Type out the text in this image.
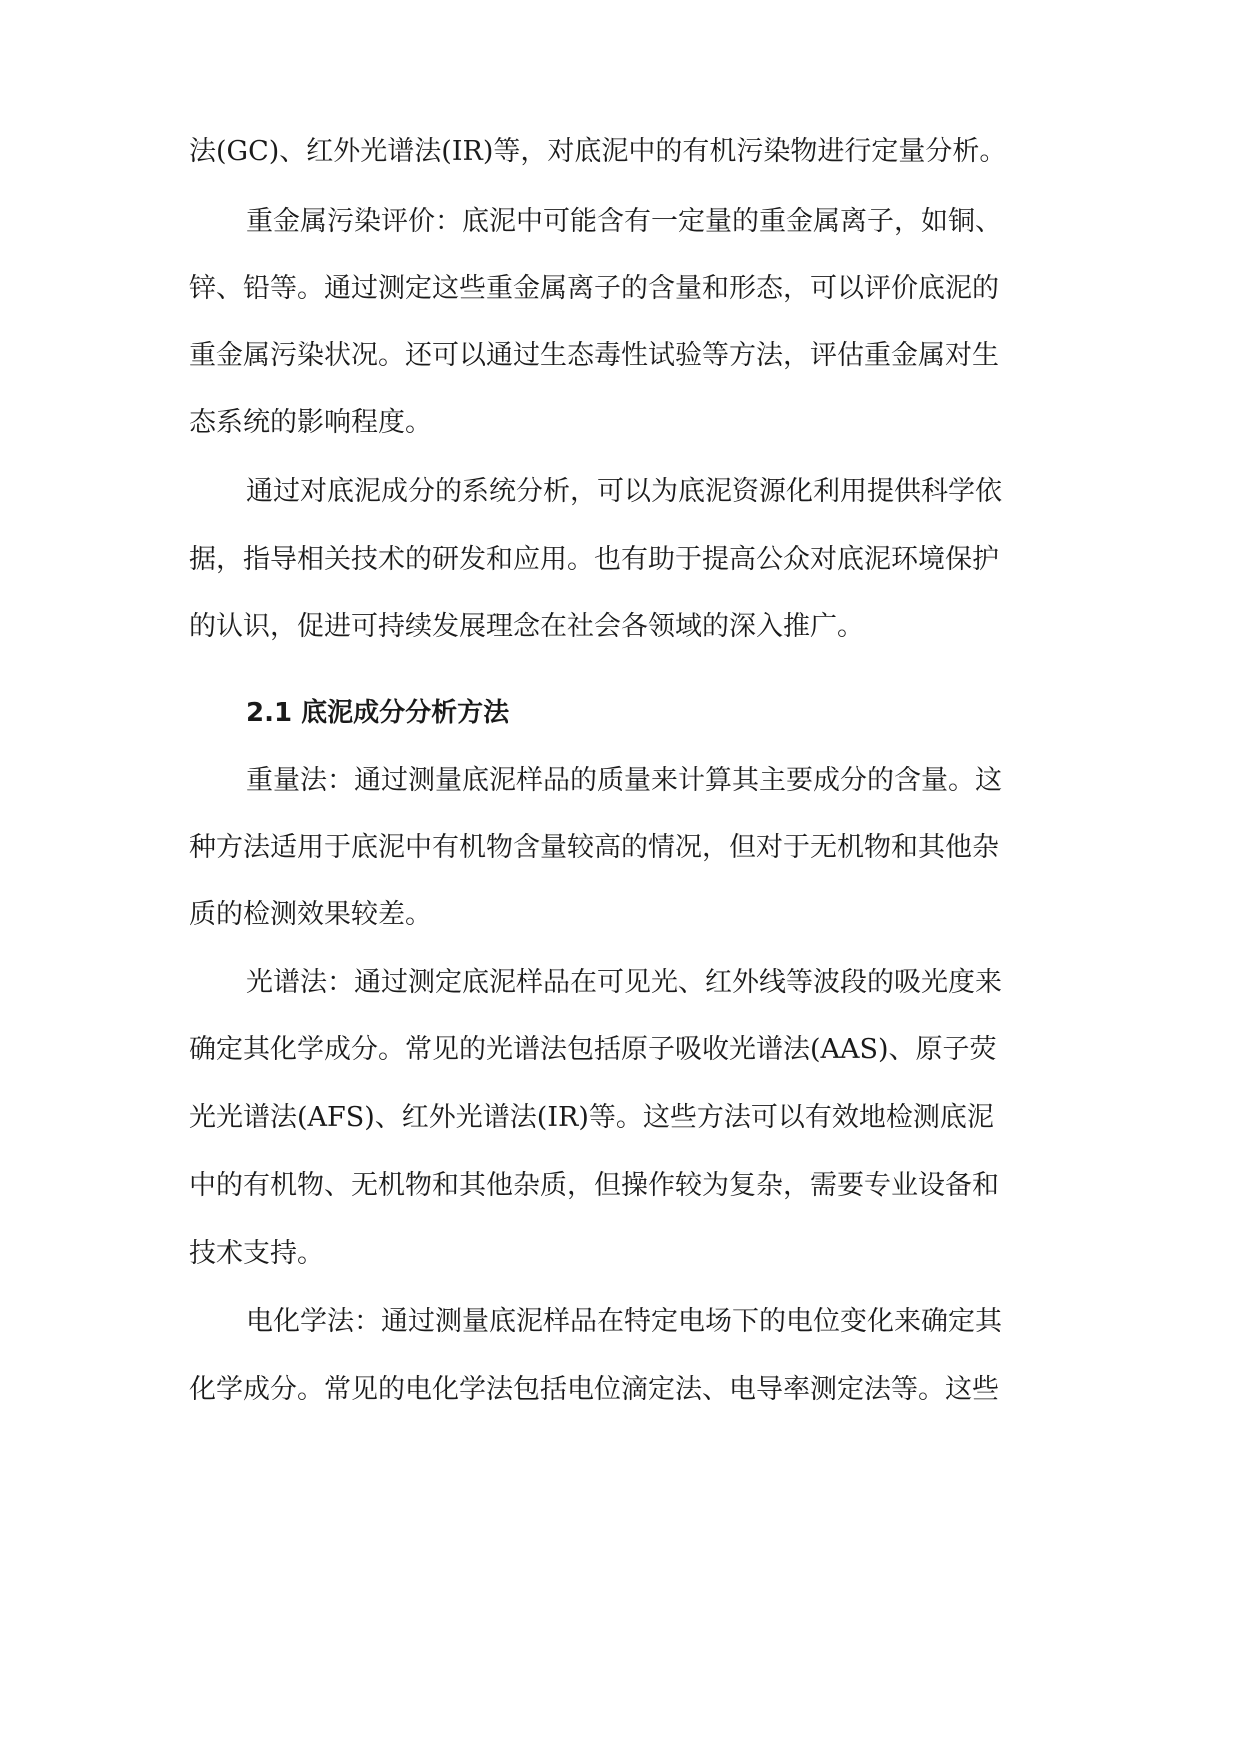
法(GC)、红外光谱法(IR)等，对底泥中的有机污染物进行定量分析。
重金属污染评价：底泥中可能含有一定量的重金属离子，如铜、
锌、铅等。通过测定这些重金属离子的含量和形态，可以评价底泥的
重金属污染状况。还可以通过生态毒性试验等方法，评估重金属对生
态系统的影响程度。
通过对底泥成分的系统分析，可以为底泥资源化利用提供科学依
据，指导相关技术的研发和应用。也有助于提高公众对底泥环境保护
的认识，促进可持续发展理念在社会各领域的深入推广。
2.1 底泥成分分析方法
重量法：通过测量底泥样品的质量来计算其主要成分的含量。这
种方法适用于底泥中有机物含量较高的情况，但对于无机物和其他杂
质的检测效果较差。
光谱法：通过测定底泥样品在可见光、红外线等波段的吸光度来
确定其化学成分。常见的光谱法包括原子吸收光谱法(AAS)、原子荧
光光谱法(AFS)、红外光谱法(IR)等。这些方法可以有效地检测底泥
中的有机物、无机物和其他杂质，但操作较为复杂，需要专业设备和
技术支持。
电化学法：通过测量底泥样品在特定电场下的电位变化来确定其
化学成分。常见的电化学法包括电位滴定法、电导率测定法等。这些
